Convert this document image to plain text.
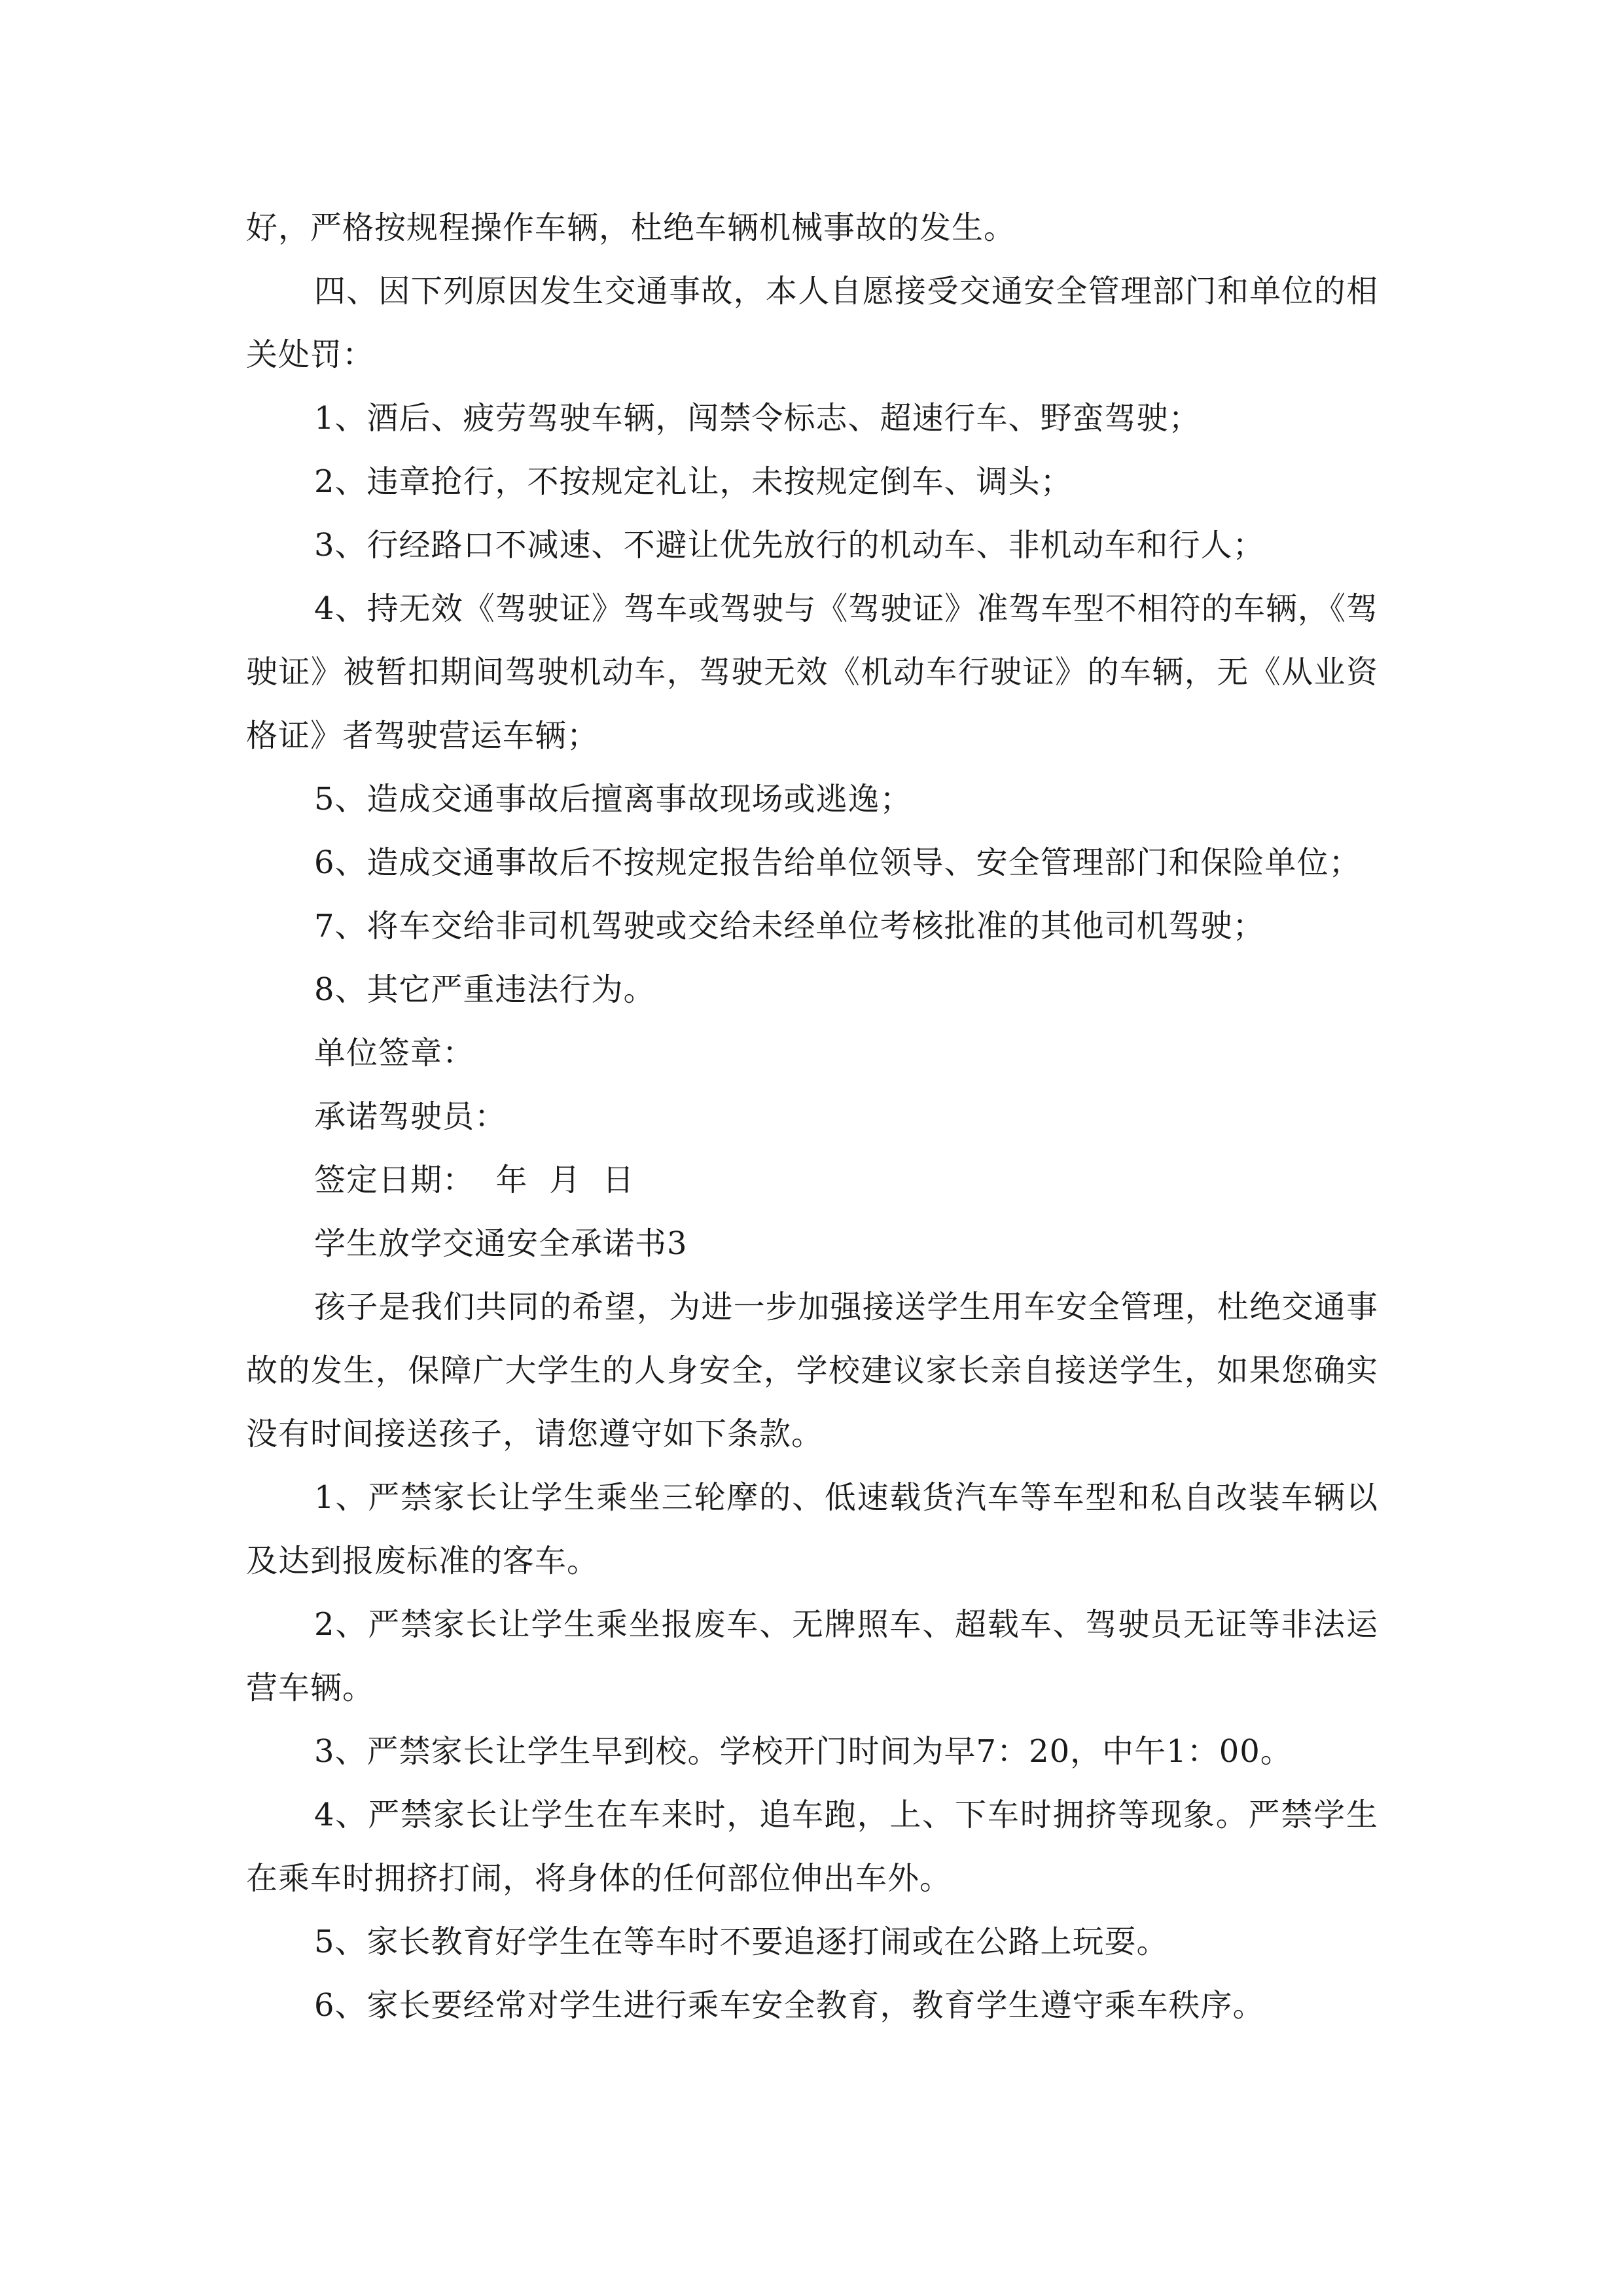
好，严格按规程操作车辆，杜绝车辆机械事故的发生。

四、因下列原因发生交通事故，本人自愿接受交通安全管理部门和单位的相关处罚：

1、酒后、疲劳驾驶车辆，闯禁令标志、超速行车、野蛮驾驶；

2、违章抢行，不按规定礼让，未按规定倒车、调头；

3、行经路口不减速、不避让优先放行的机动车、非机动车和行人；

4、持无效《驾驶证》驾车或驾驶与《驾驶证》准驾车型不相符的车辆，《驾驶证》被暂扣期间驾驶机动车，驾驶无效《机动车行驶证》的车辆，无《从业资格证》者驾驶营运车辆；

5、造成交通事故后擅离事故现场或逃逸；

6、造成交通事故后不按规定报告给单位领导、安全管理部门和保险单位；

7、将车交给非司机驾驶或交给未经单位考核批准的其他司机驾驶；

8、其它严重违法行为。

单位签章：

承诺驾驶员：

签定日期：  年  月  日

学生放学交通安全承诺书3

孩子是我们共同的希望，为进一步加强接送学生用车安全管理，杜绝交通事故的发生，保障广大学生的人身安全，学校建议家长亲自接送学生，如果您确实没有时间接送孩子，请您遵守如下条款。

1、严禁家长让学生乘坐三轮摩的、低速载货汽车等车型和私自改装车辆以及达到报废标准的客车。

2、严禁家长让学生乘坐报废车、无牌照车、超载车、驾驶员无证等非法运营车辆。

3、严禁家长让学生早到校。学校开门时间为早7：20，中午1：00。

4、严禁家长让学生在车来时，追车跑，上、下车时拥挤等现象。严禁学生在乘车时拥挤打闹，将身体的任何部位伸出车外。

5、家长教育好学生在等车时不要追逐打闹或在公路上玩耍。

6、家长要经常对学生进行乘车安全教育，教育学生遵守乘车秩序。
